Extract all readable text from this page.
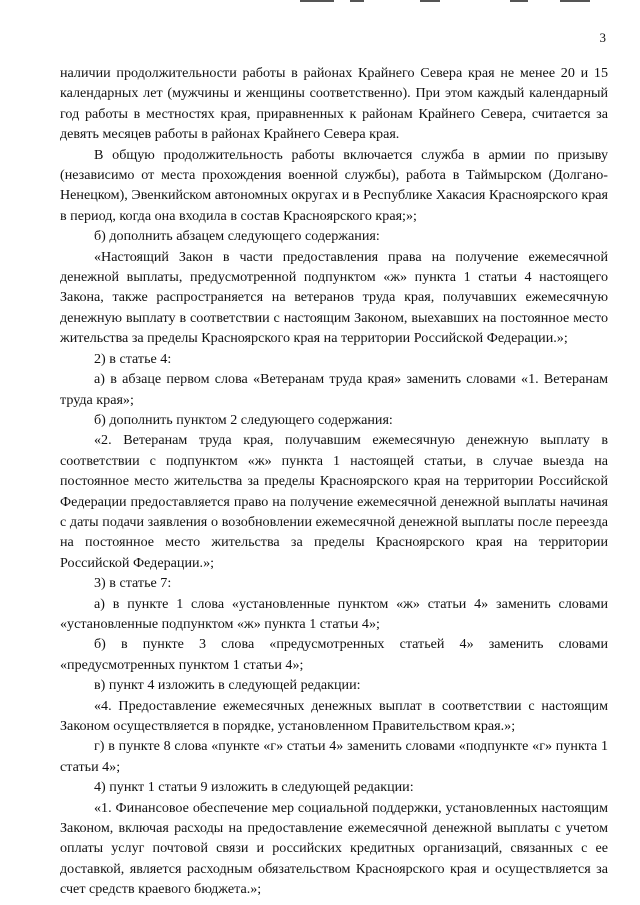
3

наличии продолжительности работы в районах Крайнего Севера края не менее 20 и 15 календарных лет (мужчины и женщины соответственно). При этом каждый календарный год работы в местностях края, приравненных к районам Крайнего Севера, считается за девять месяцев работы в районах Крайнего Севера края.

В общую продолжительность работы включается служба в армии по призыву (независимо от места прохождения военной службы), работа в Таймырском (Долгано-Ненецком), Эвенкийском автономных округах и в Республике Хакасия Красноярского края в период, когда она входила в состав Красноярского края;»;

б) дополнить абзацем следующего содержания:

«Настоящий Закон в части предоставления права на получение ежемесячной денежной выплаты, предусмотренной подпунктом «ж» пункта 1 статьи 4 настоящего Закона, также распространяется на ветеранов труда края, получавших ежемесячную денежную выплату в соответствии с настоящим Законом, выехавших на постоянное место жительства за пределы Красноярского края на территории Российской Федерации.»;

2) в статье 4:

а) в абзаце первом слова «Ветеранам труда края» заменить словами «1. Ветеранам труда края»;

б) дополнить пунктом 2 следующего содержания:

«2. Ветеранам труда края, получавшим ежемесячную денежную выплату в соответствии с подпунктом «ж» пункта 1 настоящей статьи, в случае выезда на постоянное место жительства за пределы Красноярского края на территории Российской Федерации предоставляется право на получение ежемесячной денежной выплаты начиная с даты подачи заявления о возобновлении ежемесячной денежной выплаты после переезда на постоянное место жительства за пределы Красноярского края на территории Российской Федерации.»;

3) в статье 7:

а) в пункте 1 слова «установленные пунктом «ж» статьи 4» заменить словами «установленные подпунктом «ж» пункта 1 статьи 4»;

б) в пункте 3 слова «предусмотренных статьей 4» заменить словами «предусмотренных пунктом 1 статьи 4»;

в) пункт 4 изложить в следующей редакции:

«4. Предоставление ежемесячных денежных выплат в соответствии с настоящим Законом осуществляется в порядке, установленном Правительством края.»;

г) в пункте 8 слова «пункте «г» статьи 4» заменить словами «подпункте «г» пункта 1 статьи 4»;

4) пункт 1 статьи 9 изложить в следующей редакции:

«1. Финансовое обеспечение мер социальной поддержки, установленных настоящим Законом, включая расходы на предоставление ежемесячной денежной выплаты с учетом оплаты услуг почтовой связи и российских кредитных организаций, связанных с ее доставкой, является расходным обязательством Красноярского края и осуществляется за счет средств краевого бюджета.»;
